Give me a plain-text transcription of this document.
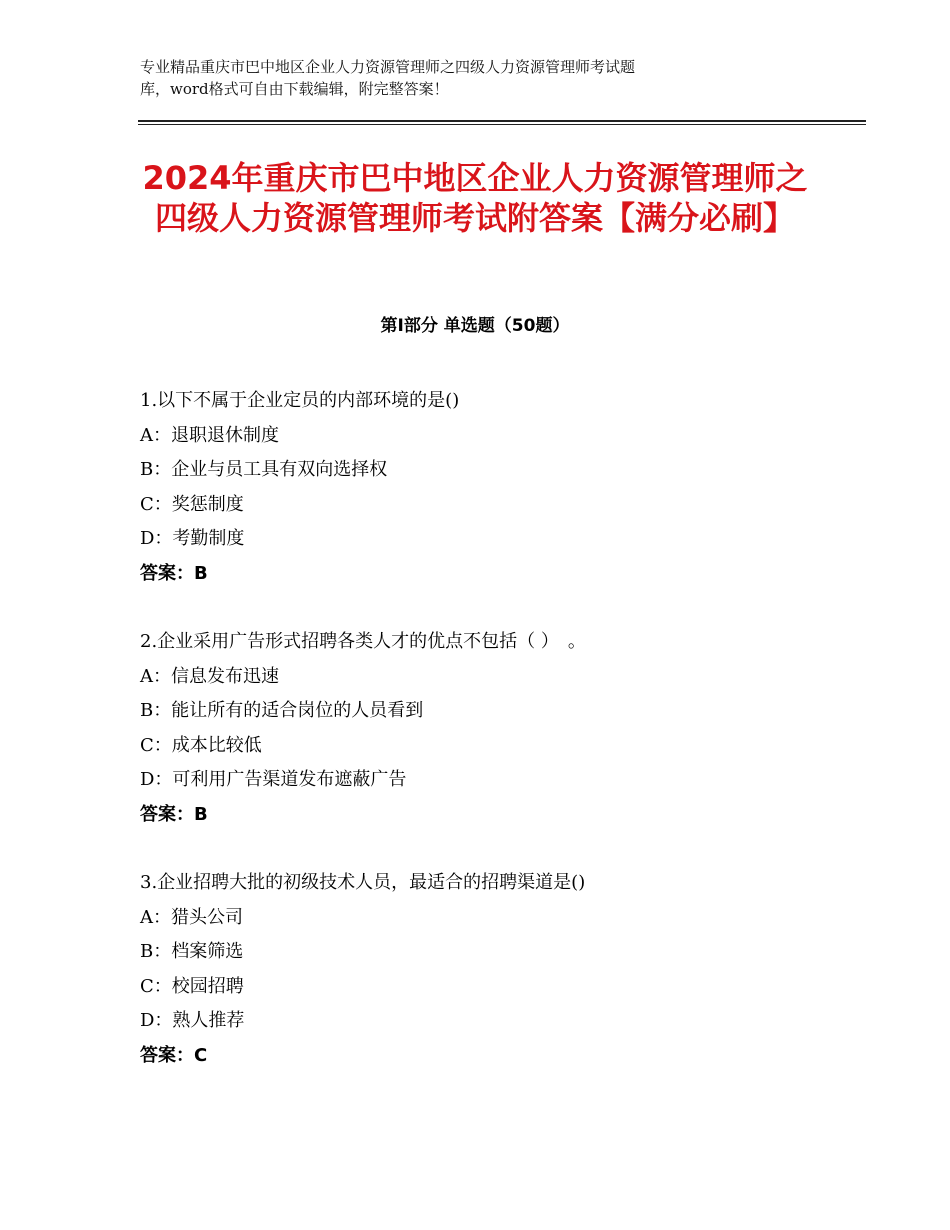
专业精品重庆市巴中地区企业人力资源管理师之四级人力资源管理师考试题
库，word格式可自由下载编辑，附完整答案！
2024年重庆市巴中地区企业人力资源管理师之四级人力资源管理师考试附答案【满分必刷】
第Ⅰ部分 单选题（50题）
1.以下不属于企业定员的内部环境的是()
A：退职退休制度
B：企业与员工具有双向选择权
C：奖惩制度
D：考勤制度
答案：B
2.企业采用广告形式招聘各类人才的优点不包括（ ）　。
A：信息发布迅速
B：能让所有的适合岗位的人员看到
C：成本比较低
D：可利用广告渠道发布遮蔽广告
答案：B
3.企业招聘大批的初级技术人员，最适合的招聘渠道是()
A：猎头公司
B：档案筛选
C：校园招聘
D：熟人推荐
答案：C
